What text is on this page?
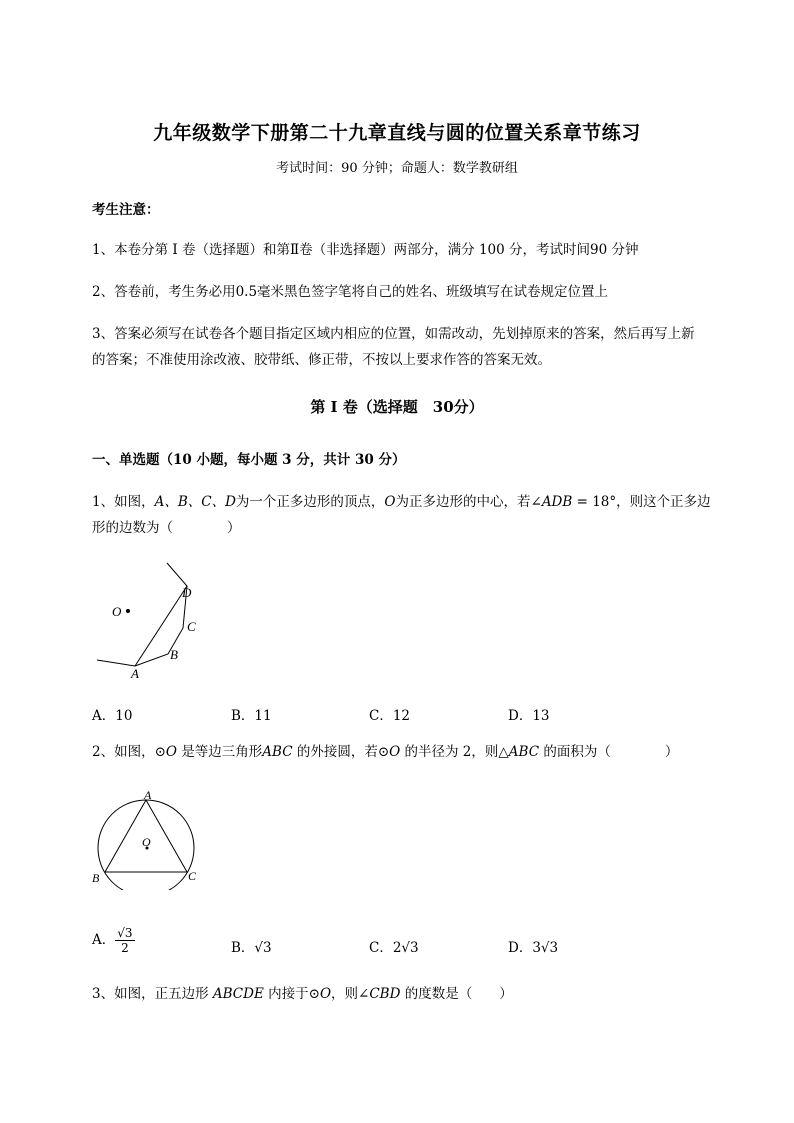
九年级数学下册第二十九章直线与圆的位置关系章节练习
考试时间：90 分钟；命题人：数学教研组
考生注意：
1、本卷分第 I 卷（选择题）和第Ⅱ卷（非选择题）两部分，满分 100 分，考试时间90 分钟
2、答卷前，考生务必用0.5毫米黑色签字笔将自己的姓名、班级填写在试卷规定位置上
3、答案必须写在试卷各个题目指定区域内相应的位置，如需改动，先划掉原来的答案，然后再写上新
的答案；不准使用涂改液、胶带纸、修正带，不按以上要求作答的答案无效。
第 I 卷（选择题　30分）
一、单选题（10 小题，每小题 3 分，共计 30 分）
1、如图，A、B、C、D为一个正多边形的顶点，O为正多边形的中心，若∠ADB = 18°，则这个正多边
形的边数为（　　　　）
O
D
C
B
A
A．10	B．11	C．12	D．13
2、如图，⊙O 是等边三角形ABC 的外接圆，若⊙O 的半径为 2，则△ABC 的面积为（　　　　）
A
O
B	C
A． $\frac{√3}{2}$	B．√3	C．2√3	D．3√3
3、如图，正五边形 ABCDE 内接于⊙O，则∠CBD 的度数是（　　）
